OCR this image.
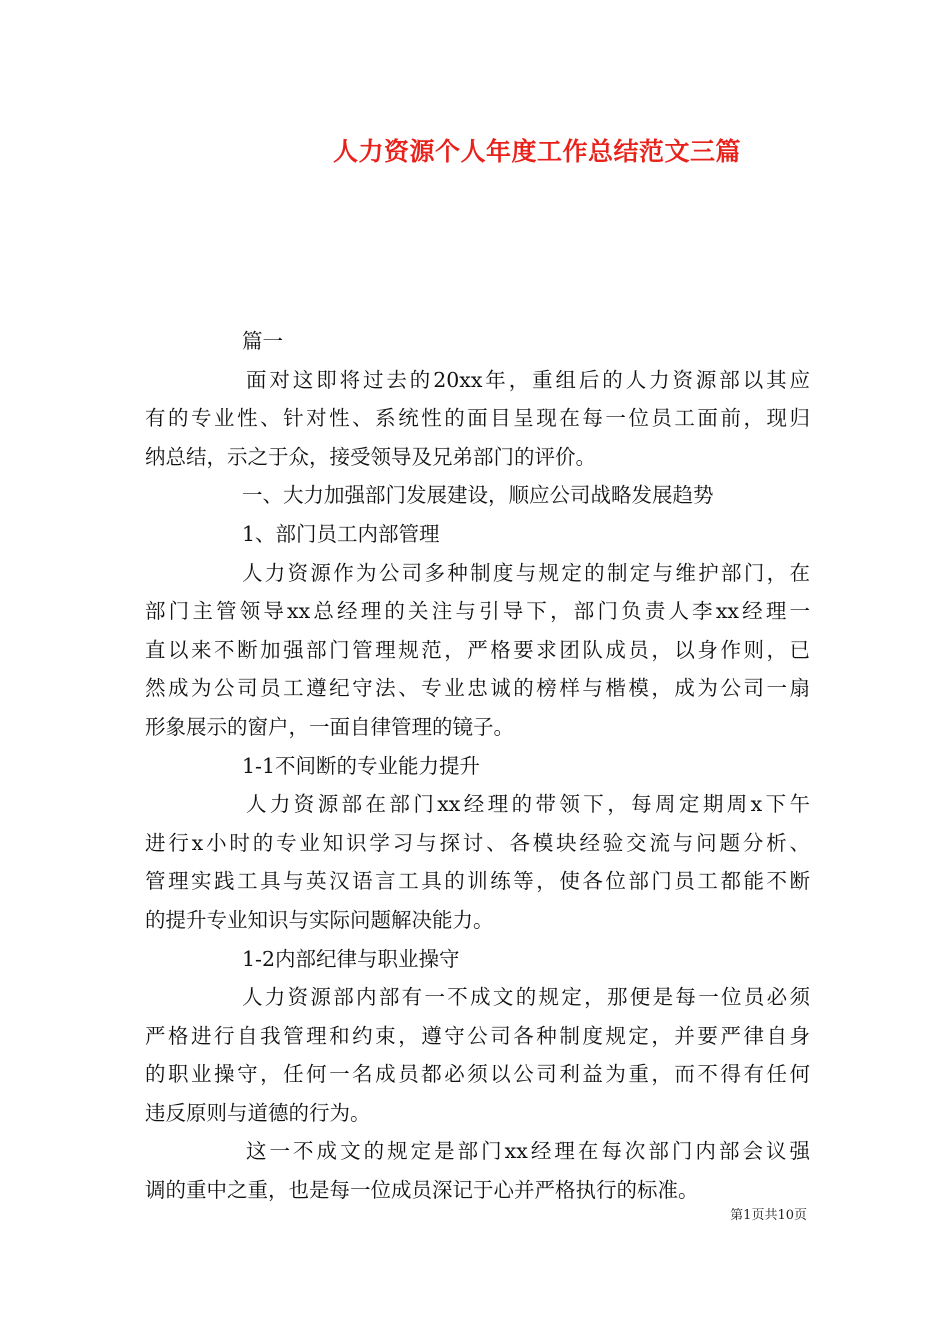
人力资源个人年度工作总结范文三篇
篇一
面对这即将过去的20xx年，重组后的人力资源部以其应
有的专业性、针对性、系统性的面目呈现在每一位员工面前，现归
纳总结，示之于众，接受领导及兄弟部门的评价。
一、大力加强部门发展建设，顺应公司战略发展趋势
1、部门员工内部管理
人力资源作为公司多种制度与规定的制定与维护部门，在
部门主管领导xx总经理的关注与引导下，部门负责人李xx经理一
直以来不断加强部门管理规范，严格要求团队成员，以身作则，已
然成为公司员工遵纪守法、专业忠诚的榜样与楷模，成为公司一扇
形象展示的窗户，一面自律管理的镜子。
1-1不间断的专业能力提升
人力资源部在部门xx经理的带领下，每周定期周x下午
进行x小时的专业知识学习与探讨、各模块经验交流与问题分析、
管理实践工具与英汉语言工具的训练等，使各位部门员工都能不断
的提升专业知识与实际问题解决能力。
1-2内部纪律与职业操守
人力资源部内部有一不成文的规定，那便是每一位员必须
严格进行自我管理和约束，遵守公司各种制度规定，并要严律自身
的职业操守，任何一名成员都必须以公司利益为重，而不得有任何
违反原则与道德的行为。
这一不成文的规定是部门xx经理在每次部门内部会议强
调的重中之重，也是每一位成员深记于心并严格执行的标准。
第1页共10页
